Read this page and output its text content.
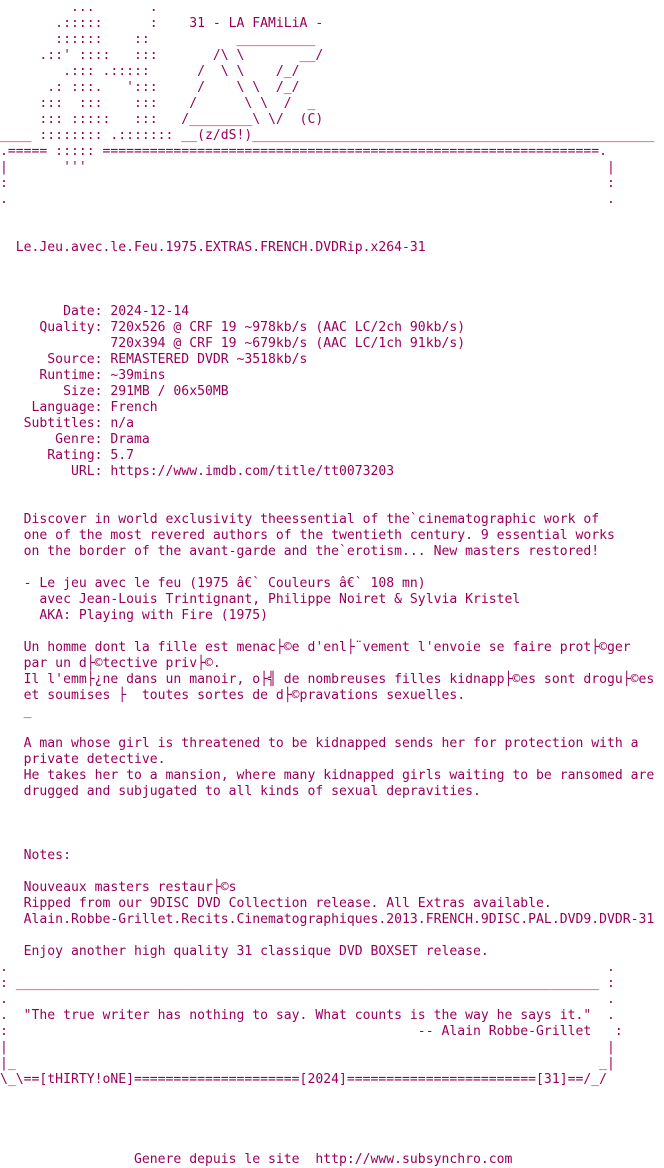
...       .
.:::::      :    31 - LA FAMiLiA -
::::::    ::           __________
.::' ::::   :::       /\ \       __/
.::: .:::::      /  \ \    /_/
.: :::.   ':::     /    \ \  /_/
:::  :::    :::    /      \ \  /  _
::: :::::   :::   /________\ \/  (C)
____ :::::::: .::::::: __(z/dS!)___________________________________________________
.===== ::::: ===============================================================.
|       '''                                                                  |
:                                                                            :
.                                                                            .

Le.Jeu.avec.le.Feu.1975.EXTRAS.FRENCH.DVDRip.x264-31

Date: 2024-12-14
Quality: 720x526 @ CRF 19 ~978kb/s (AAC LC/2ch 90kb/s)
720x394 @ CRF 19 ~679kb/s (AAC LC/1ch 91kb/s)
Source: REMASTERED DVDR ~3518kb/s
Runtime: ~39mins
Size: 291MB / 06x50MB
Language: French
Subtitles: n/a
Genre: Drama
Rating: 5.7
URL: https://www.imdb.com/title/tt0073203

Discover in world exclusivity theessential of the`cinematographic work of
one of the most revered authors of the twentieth century. 9 essential works
on the border of the avant-garde and the`erotism... New masters restored!

- Le jeu avec le feu (1975 â€` Couleurs â€` 108 mn)
avec Jean-Louis Trintignant, Philippe Noiret & Sylvia Kristel
AKA: Playing with Fire (1975)

Un homme dont la fille est menac├©e d'enl├¨vement l'envoie se faire prot├©ger
par un d├©tective priv├©.
Il l'emm├¿ne dans un manoir, o├╣ de nombreuses filles kidnapp├©es sont drogu├©es
et soumises ├  toutes sortes de d├©pravations sexuelles.
_

A man whose girl is threatened to be kidnapped sends her for protection with a
private detective.
He takes her to a mansion, where many kidnapped girls waiting to be ransomed are
drugged and subjugated to all kinds of sexual depravities.

Notes:

Nouveaux masters restaur├©s
Ripped from our 9DISC DVD Collection release. All Extras available.
Alain.Robbe-Grillet.Recits.Cinematographiques.2013.FRENCH.9DISC.PAL.DVD9.DVDR-31

Enjoy another high quality 31 classique DVD BOXSET release.
.                                                                            .
: __________________________________________________________________________ :
.                                                                            .
.  "The true writer has nothing to say. What counts is the way he says it."  .
:                                                    -- Alain Robbe-Grillet   :
|                                                                            |
|_                                                                          _|
\_\==[tHIRTY!oNE]=====================[2024]========================[31]==/_/

Genere depuis le site  http://www.subsynchro.com
